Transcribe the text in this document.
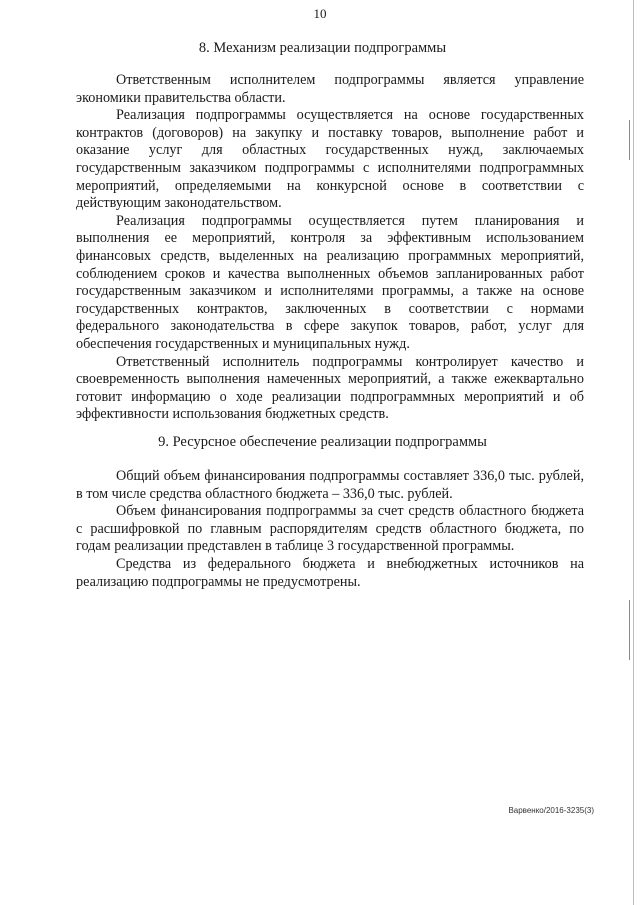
10
8. Механизм реализации подпрограммы

Ответственным исполнителем подпрограммы является управление экономики правительства области.

Реализация подпрограммы осуществляется на основе государственных контрактов (договоров) на закупку и поставку товаров, выполнение работ и оказание услуг для областных государственных нужд, заключаемых государственным заказчиком подпрограммы с исполнителями подпрограммных мероприятий, определяемыми на конкурсной основе в соответствии с действующим законодательством.

Реализация подпрограммы осуществляется путем планирования и выполнения ее мероприятий, контроля за эффективным использованием финансовых средств, выделенных на реализацию программных мероприятий, соблюдением сроков и качества выполненных объемов запланированных работ государственным заказчиком и исполнителями программы, а также на основе государственных контрактов, заключенных в соответствии с нормами федерального законодательства в сфере закупок товаров, работ, услуг для обеспечения государственных и муниципальных нужд.

Ответственный исполнитель подпрограммы контролирует качество и своевременность выполнения намеченных мероприятий, а также ежеквартально готовит информацию о ходе реализации подпрограммных мероприятий и об эффективности использования бюджетных средств.

9. Ресурсное обеспечение реализации подпрограммы

Общий объем финансирования подпрограммы составляет 336,0 тыс. рублей, в том числе средства областного бюджета – 336,0 тыс. рублей.

Объем финансирования подпрограммы за счет средств областного бюджета с расшифровкой по главным распорядителям средств областного бюджета, по годам реализации представлен в таблице 3 государственной программы.

Средства из федерального бюджета и внебюджетных источников на реализацию подпрограммы не предусмотрены.

Варвенко/2016-3235(3)
